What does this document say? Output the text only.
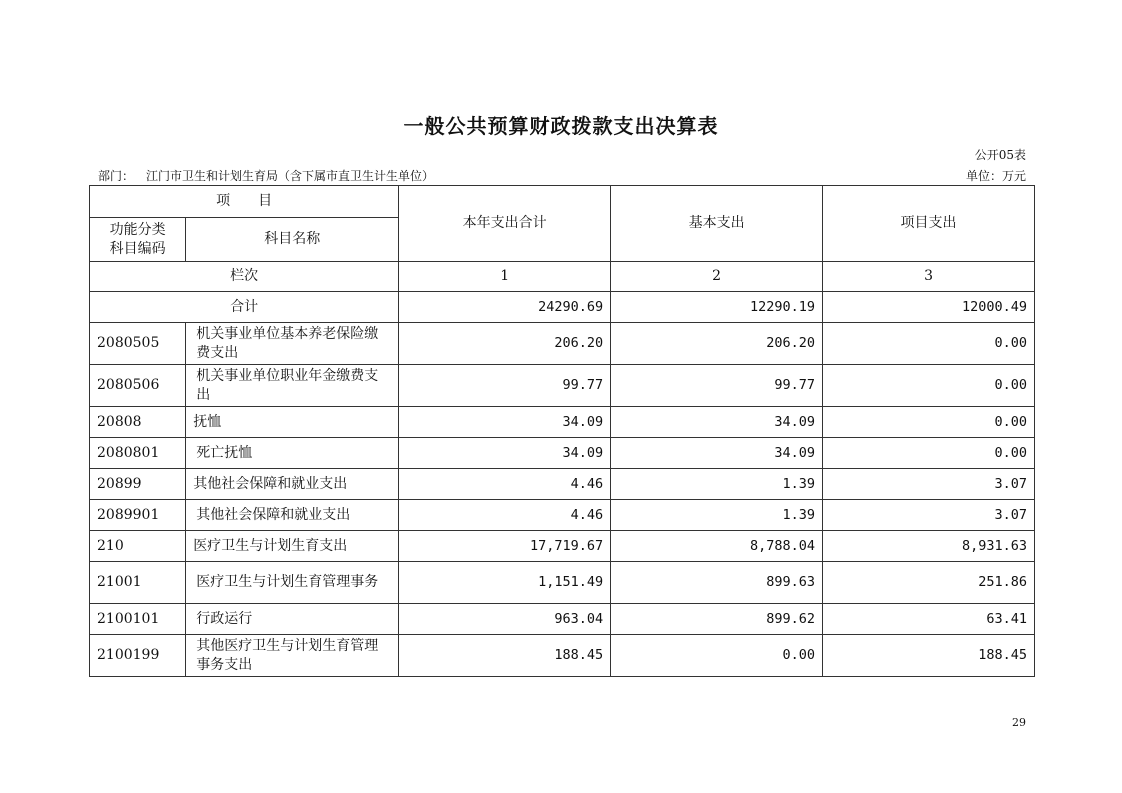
一般公共预算财政拨款支出决算表
公开05表
部门： 江门市卫生和计划生育局（含下属市直卫生计生单位）	单位：万元
项　　目		本年支出合计	基本支出	项目支出
功能分类
科目编码	科目名称			
栏次		1	2	3
合计		24290.69	12290.19	12000.49
2080505	机关事业单位基本养老保险缴费支出	206.20	206.20	0.00
2080506	机关事业单位职业年金缴费支出	99.77	99.77	0.00
20808	抚恤	34.09	34.09	0.00
2080801	死亡抚恤	34.09	34.09	0.00
20899	其他社会保障和就业支出	4.46	1.39	3.07
2089901	其他社会保障和就业支出	4.46	1.39	3.07
210	医疗卫生与计划生育支出	17,719.67	8,788.04	8,931.63
21001	医疗卫生与计划生育管理事务	1,151.49	899.63	251.86
2100101	行政运行	963.04	899.62	63.41
2100199	其他医疗卫生与计划生育管理事务支出	188.45	0.00	188.45
29
